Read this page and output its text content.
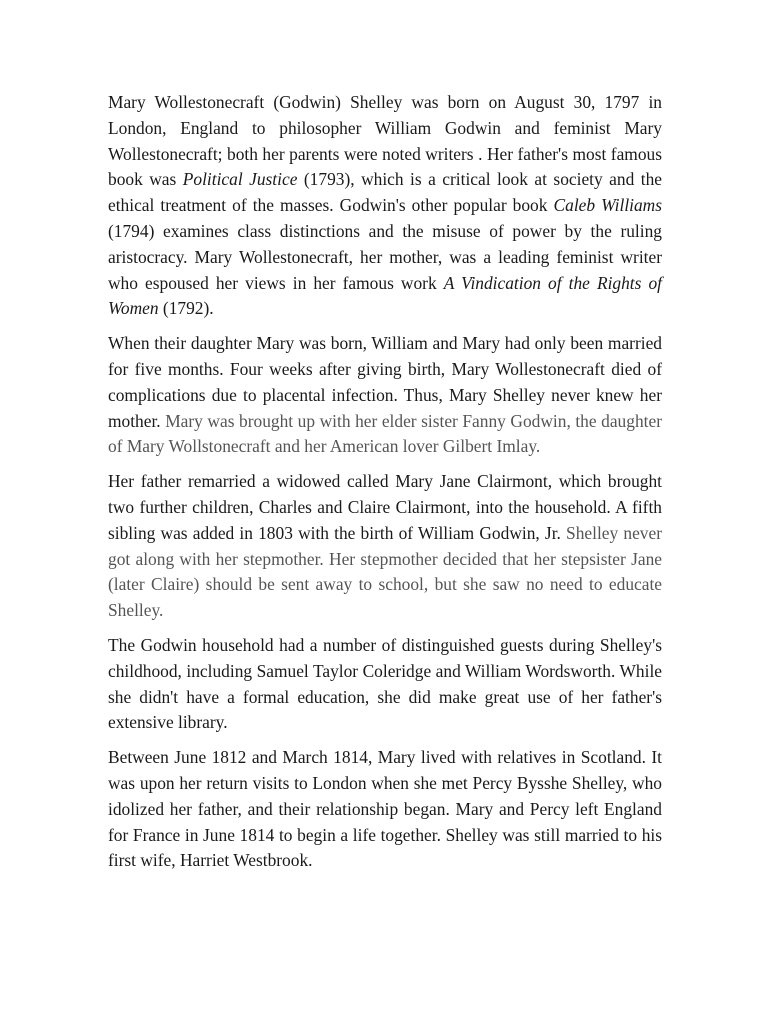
Mary Wollestonecraft (Godwin) Shelley was born on August 30, 1797 in London, England to philosopher William Godwin and feminist Mary Wollestonecraft; both her parents were noted writers . Her father's most famous book was Political Justice (1793), which is a critical look at society and the ethical treatment of the masses. Godwin's other popular book Caleb Williams (1794) examines class distinctions and the misuse of power by the ruling aristocracy. Mary Wollestonecraft, her mother, was a leading feminist writer who espoused her views in her famous work A Vindication of the Rights of Women (1792).

When their daughter Mary was born, William and Mary had only been married for five months. Four weeks after giving birth, Mary Wollestonecraft died of complications due to placental infection. Thus, Mary Shelley never knew her mother. Mary was brought up with her elder sister Fanny Godwin, the daughter of Mary Wollstonecraft and her American lover Gilbert Imlay.

Her father remarried a widowed called Mary Jane Clairmont, which brought two further children, Charles and Claire Clairmont, into the household. A fifth sibling was added in 1803 with the birth of William Godwin, Jr. Shelley never got along with her stepmother. Her stepmother decided that her stepsister Jane (later Claire) should be sent away to school, but she saw no need to educate Shelley.

The Godwin household had a number of distinguished guests during Shelley's childhood, including Samuel Taylor Coleridge and William Wordsworth. While she didn't have a formal education, she did make great use of her father's extensive library.

Between June 1812 and March 1814, Mary lived with relatives in Scotland. It was upon her return visits to London when she met Percy Bysshe Shelley, who idolized her father, and their relationship began. Mary and Percy left England for France in June 1814 to begin a life together. Shelley was still married to his first wife, Harriet Westbrook.
